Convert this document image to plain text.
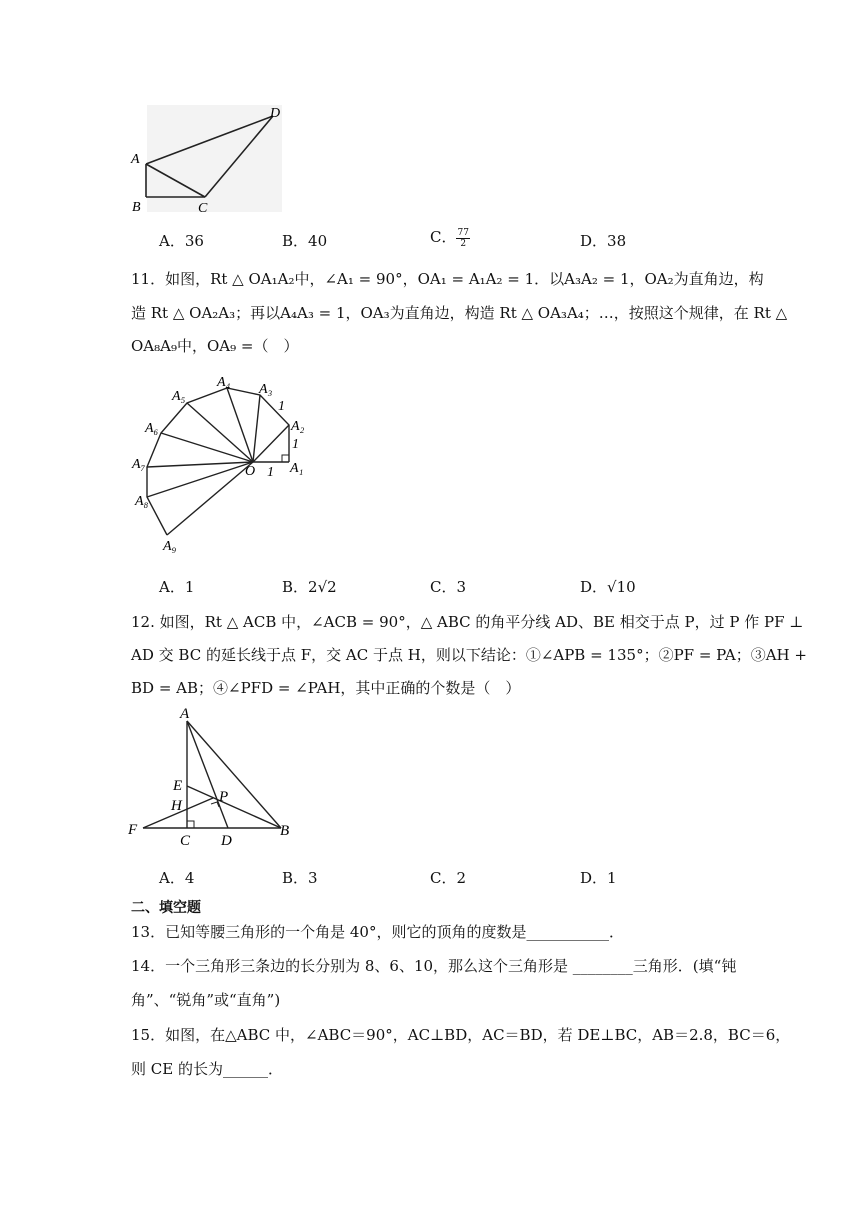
A
B	C
D
A．36	B．40	C． $\frac{77}{2}$	D．38
11．如图，Rt △ OA₁A₂中，∠A₁ = 90°，OA₁ = A₁A₂ = 1．以A₃A₂ = 1，OA₂为直角边，构
造 Rt △ OA₂A₃；再以A₄A₃ = 1，OA₃为直角边，构造 Rt △ OA₃A₄；…，按照这个规律，在 Rt △
OA₈A₉中，OA₉ =（　）
O 1
1
1
A₁
A₂
A₃
A₄
A₅
A₆
A₇
A₈
A₉
A．1	B．2√2	C．3	D．√10
12. 如图，Rt △ ACB 中，∠ACB = 90°，△ ABC 的角平分线 AD、BE 相交于点 P，过 P 作 PF ⊥
AD 交 BC 的延长线于点 F，交 AC 于点 H，则以下结论：①∠APB = 135°；②PF = PA；③AH +
BD = AB；④∠PFD = ∠PAH，其中正确的个数是（　）
A
E
H
P
F
C D
B
A．4	B．3	C．2	D．1
二、填空题
13．已知等腰三角形的一个角是 40°，则它的顶角的度数是___________．
14．一个三角形三条边的长分别为 8、6、10，那么这个三角形是 ________三角形．(填“钝
角”、“锐角”或“直角”)
15．如图，在△ABC 中，∠ABC＝90°，AC⊥BD，AC＝BD，若 DE⊥BC，AB＝2.8，BC＝6，
则 CE 的长为______．
